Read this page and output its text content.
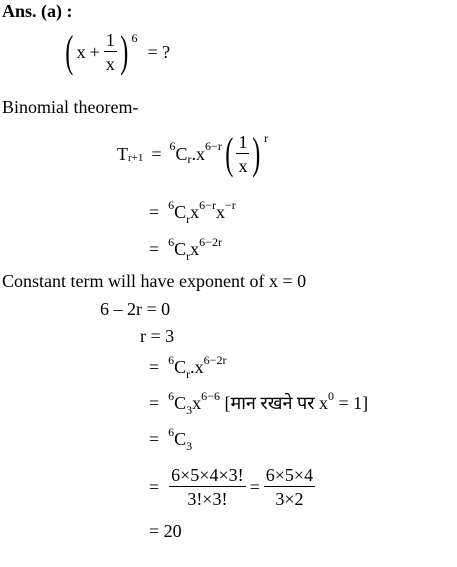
Ans. (a) :
( $x + \frac{1}{x}$ ) 6
= ?
Binomial theorem-
T r+1 = $^6$ C r $.x^{6-r}$ ( $\frac{1}{x}$ ) r
= $^6C_rx^{6-r}x^{-r}$
= $^6C_rx^{6-2r}$
Constant term will have exponent of x = 0
6 – 2r = 0
r = 3
= $^6C_r.x^{6-2r}$
= $^6C_3x^{6-6}$ [मान रखने पर $x^0 = 1$]
= $^6C_3$
= $\frac{6\times 5\times 4\times 3!}{3!\times 3!} = \frac{6\times 5\times 4}{3\times 2}$
= 20
